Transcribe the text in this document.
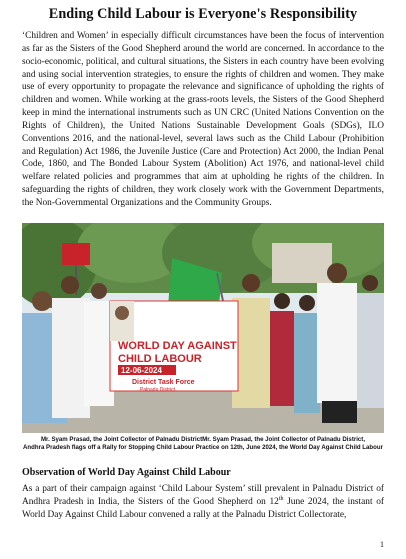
Ending Child Labour is Everyone's Responsibility

‘Children and Women’ in especially difficult circumstances have been the focus of intervention as far as the Sisters of the Good Shepherd around the world are concerned. In accordance to the socio-economic, political, and cultural situations, the Sisters in each country have been evolving and using social intervention strategies, to ensure the rights of children and women. They make use of every opportunity to propagate the relevance and significance of upholding the rights of children and women. While working at the grass-roots levels, the Sisters of the Good Shepherd keep in mind the international instruments such as UN CRC (United Nations Convention on the Rights of Children), the United Nations Sustainable Development Goals (SDGs), ILO Conventions 2016, and the national-level, several laws such as the Child Labour (Prohibition and Regulation) Act 1986, the Juvenile Justice (Care and Protection) Act 2000, the Indian Penal Code, 1860, and The Bonded Labour System (Abolition) Act 1976, and national-level child welfare related policies and programmes that aim at upholding he rights of the children. In safeguarding the rights of children, they work closely work with the Government Departments, the Non-Governmental Organizations and the Community Groups.

WORLD DAY AGAINST
CHILD LABOUR
12-06-2024
District Task Force
Palnadu District
Mr. Syam Prasad, the Joint Collector of Palnadu DistrictMr. Syam Prasad, the Joint Collector of Palnadu District,
Andhra Pradesh flags off a Rally for Stopping Child Labour Practice on 12th, June 2024, the World Day Against Child Labour
Observation of World Day Against Child Labour

As a part of their campaign against ‘Child Labour System’ still prevalent in Palnadu District of Andhra Pradesh in India, the Sisters of the Good Shepherd on 12th June 2024, the instant of World Day Against Child Labour convened a rally at the Palnadu District Collectorate,

1
